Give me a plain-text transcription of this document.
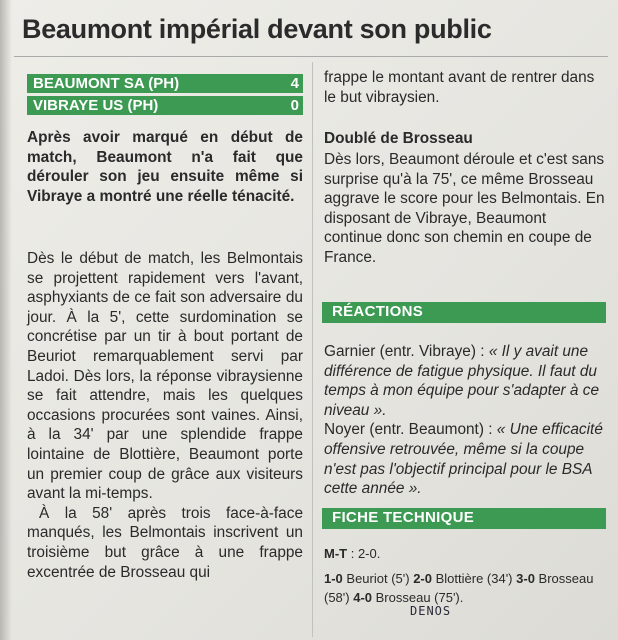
Beaumont impérial devant son public
BEAUMONT SA (PH)	4
VIBRAYE US (PH)	0
Après avoir marqué en début de match, Beaumont n'a fait que dérouler son jeu ensuite même si Vibraye a montré une réelle ténacité.

Dès le début de match, les Belmontais se projettent rapidement vers l'avant, asphyxiants de ce fait son adversaire du jour. À la 5', cette surdomination se concrétise par un tir à bout portant de Beuriot remarquablement servi par Ladoi. Dès lors, la réponse vibraysienne se fait attendre, mais les quelques occasions procurées sont vaines. Ainsi, à la 34' par une splendide frappe lointaine de Blottière, Beaumont porte un premier coup de grâce aux visiteurs avant la mi-temps.

À la 58' après trois face-à-face manqués, les Belmontais inscrivent un troisième but grâce à une frappe excentrée de Brosseau qui

frappe le montant avant de rentrer dans le but vibraysien.
Doublé de Brosseau
Dès lors, Beaumont déroule et c'est sans surprise qu'à la 75', ce même Brosseau aggrave le score pour les Belmontais. En disposant de Vibraye, Beaumont continue donc son chemin en coupe de France.
RÉACTIONS

Garnier (entr. Vibraye) : « Il y avait une différence de fatigue physique. Il faut du temps à mon équipe pour s'adapter à ce niveau ».

Noyer (entr. Beaumont) : « Une efficacité offensive retrouvée, même si la coupe n'est pas l'objectif principal pour le BSA cette année ».

FICHE TECHNIQUE

M-T : 2-0.

1-0 Beuriot (5') 2-0 Blottière (34') 3-0 Brosseau (58') 4-0 Brosseau (75').

DENOS
